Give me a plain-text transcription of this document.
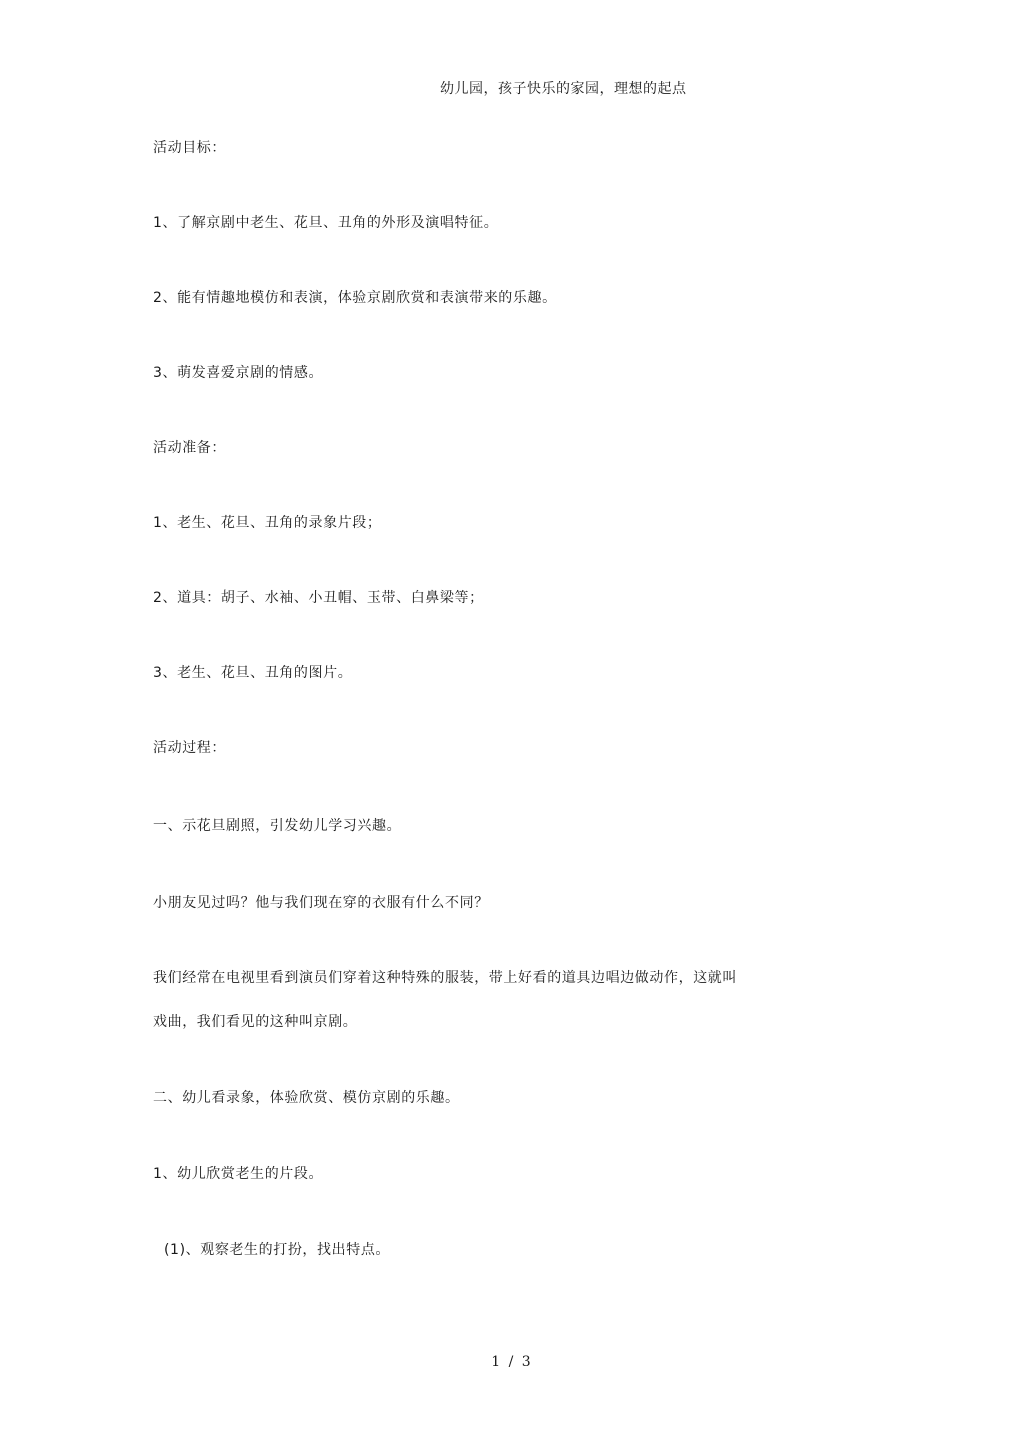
幼儿园，孩子快乐的家园，理想的起点
活动目标：
1、了解京剧中老生、花旦、丑角的外形及演唱特征。
2、能有情趣地模仿和表演，体验京剧欣赏和表演带来的乐趣。
3、萌发喜爱京剧的情感。
活动准备：
1、老生、花旦、丑角的录象片段；
2、道具：胡子、水袖、小丑帽、玉带、白鼻梁等；
3、老生、花旦、丑角的图片。
活动过程：
一、示花旦剧照，引发幼儿学习兴趣。
小朋友见过吗？他与我们现在穿的衣服有什么不同？
我们经常在电视里看到演员们穿着这种特殊的服装，带上好看的道具边唱边做动作，这就叫
戏曲，我们看见的这种叫京剧。
二、幼儿看录象，体验欣赏、模仿京剧的乐趣。
1、幼儿欣赏老生的片段。
(1)、观察老生的打扮，找出特点。
1 / 3
